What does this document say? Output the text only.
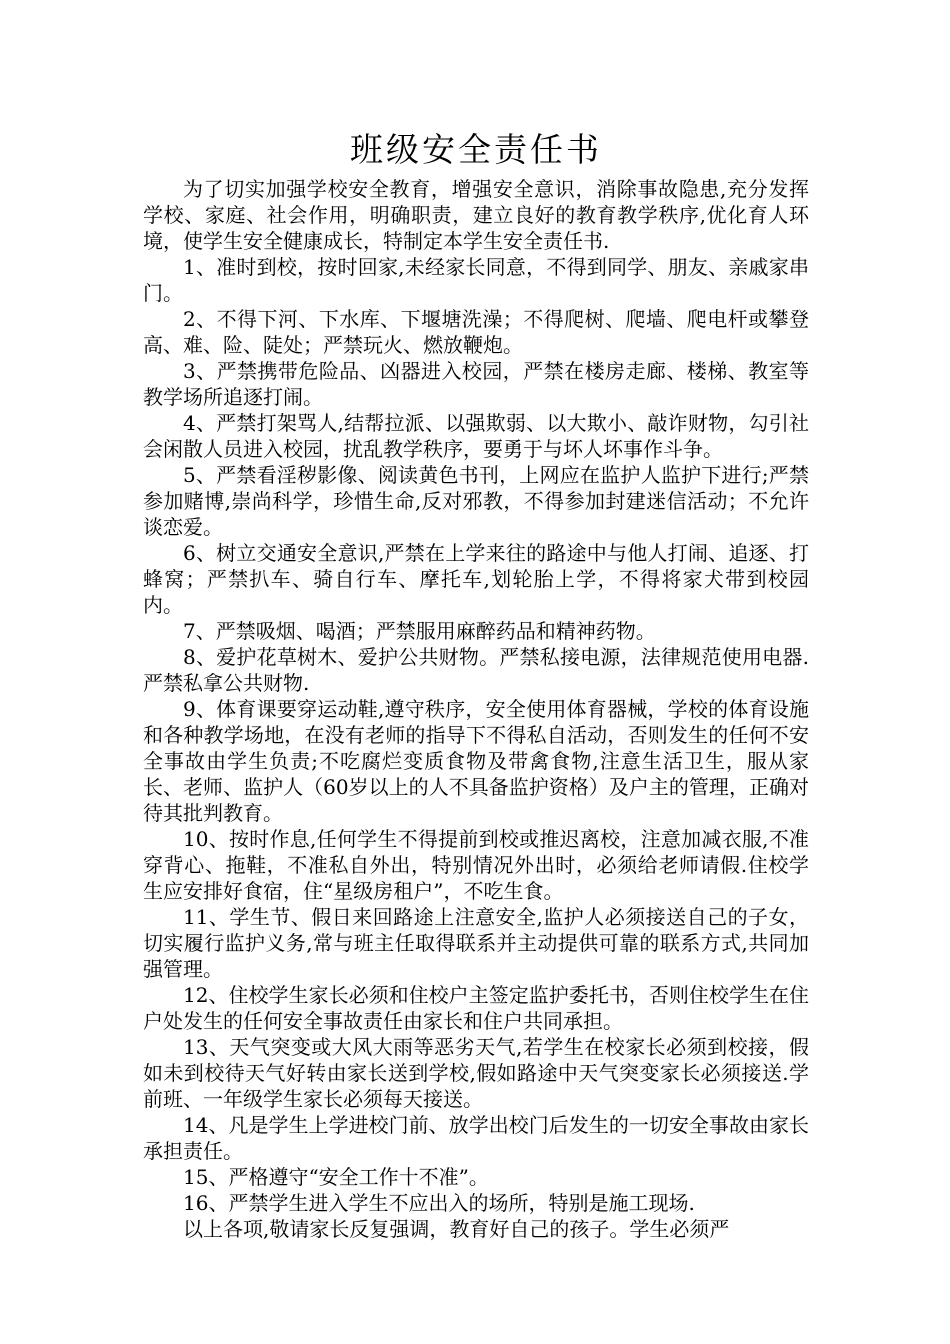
班级安全责任书

为了切实加强学校安全教育，增强安全意识，消除事故隐患,充分发挥学校、家庭、社会作用，明确职责，建立良好的教育教学秩序,优化育人环境，使学生安全健康成长，特制定本学生安全责任书.

1、准时到校，按时回家,未经家长同意，不得到同学、朋友、亲戚家串门。

2、不得下河、下水库、下堰塘洗澡；不得爬树、爬墙、爬电杆或攀登高、难、险、陡处；严禁玩火、燃放鞭炮。

3、严禁携带危险品、凶器进入校园，严禁在楼房走廊、楼梯、教室等教学场所追逐打闹。

4、严禁打架骂人,结帮拉派、以强欺弱、以大欺小、敲诈财物，勾引社会闲散人员进入校园，扰乱教学秩序，要勇于与坏人坏事作斗争。

5、严禁看淫秽影像、阅读黄色书刊，上网应在监护人监护下进行;严禁参加赌博,崇尚科学，珍惜生命,反对邪教，不得参加封建迷信活动；不允许谈恋爱。

6、树立交通安全意识,严禁在上学来往的路途中与他人打闹、追逐、打蜂窝；严禁扒车、骑自行车、摩托车,划轮胎上学，不得将家犬带到校园内。

7、严禁吸烟、喝酒；严禁服用麻醉药品和精神药物。

8、爱护花草树木、爱护公共财物。严禁私接电源，法律规范使用电器.严禁私拿公共财物.

9、体育课要穿运动鞋,遵守秩序，安全使用体育器械，学校的体育设施和各种教学场地，在没有老师的指导下不得私自活动，否则发生的任何不安全事故由学生负责;不吃腐烂变质食物及带禽食物,注意生活卫生，服从家长、老师、监护人（60岁以上的人不具备监护资格）及户主的管理，正确对待其批判教育。

10、按时作息,任何学生不得提前到校或推迟离校，注意加减衣服,不准穿背心、拖鞋，不准私自外出，特别情况外出时，必须给老师请假.住校学生应安排好食宿，住“星级房租户”，不吃生食。

11、学生节、假日来回路途上注意安全,监护人必须接送自己的子女，切实履行监护义务,常与班主任取得联系并主动提供可靠的联系方式,共同加强管理。

12、住校学生家长必须和住校户主签定监护委托书，否则住校学生在住户处发生的任何安全事故责任由家长和住户共同承担。

13、天气突变或大风大雨等恶劣天气,若学生在校家长必须到校接，假如未到校待天气好转由家长送到学校,假如路途中天气突变家长必须接送.学前班、一年级学生家长必须每天接送。

14、凡是学生上学进校门前、放学出校门后发生的一切安全事故由家长承担责任。

15、严格遵守“安全工作十不准”。

16、严禁学生进入学生不应出入的场所，特别是施工现场.

以上各项,敬请家长反复强调，教育好自己的孩子。学生必须严
